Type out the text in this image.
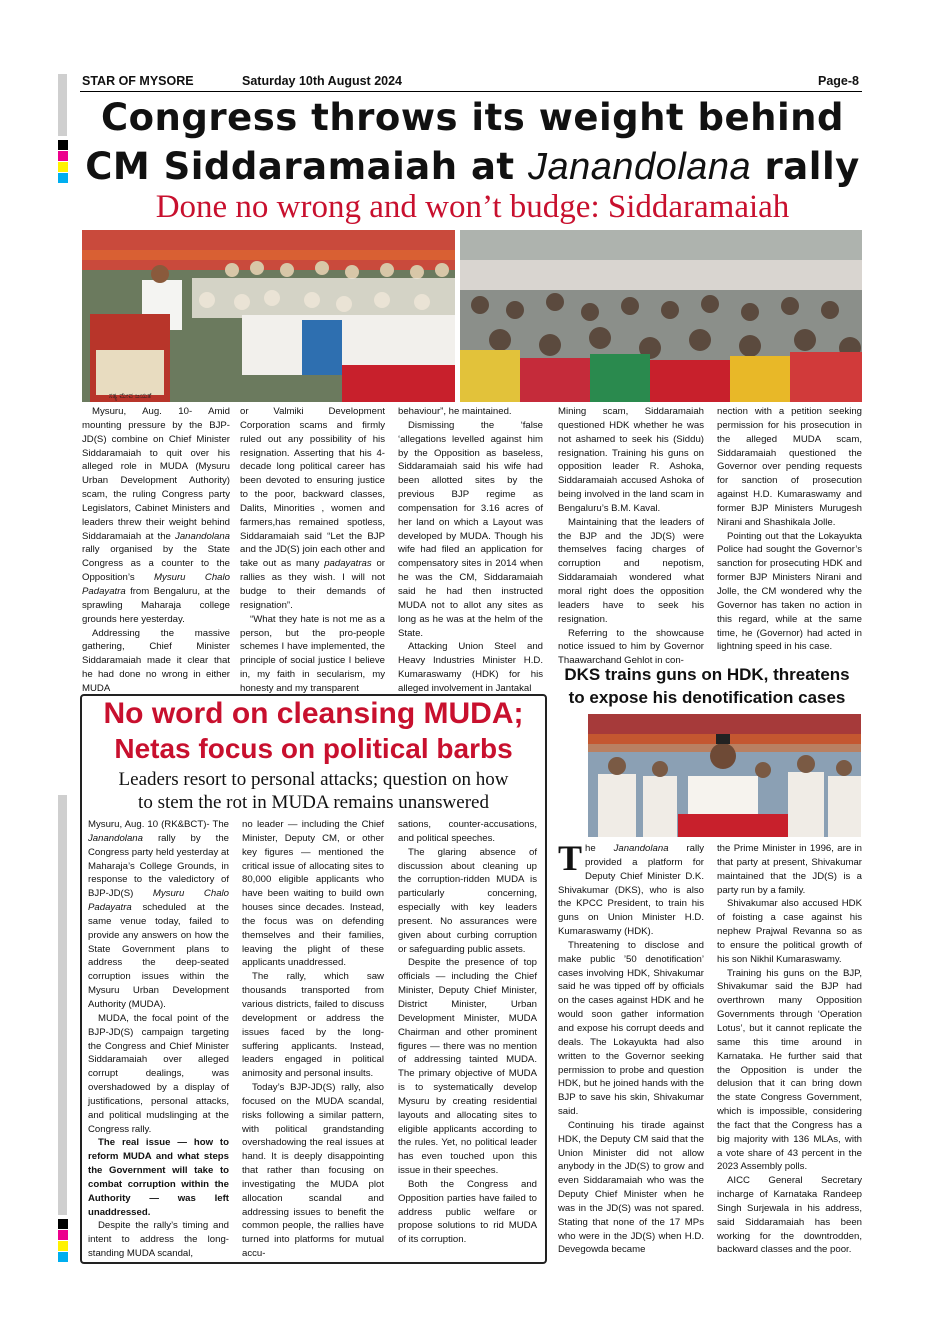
STAR OF MYSORE	Saturday 10th August 2024	Page-8
Congress throws its weight behind
CM Siddaramaiah at Janandolana rally
Done no wrong and won’t budge: Siddaramaiah
ಸತ್ಯ ಮೇವ ಜಯತೆ

Mysuru, Aug. 10- Amid mounting pressure by the BJP-JD(S) combine on Chief Minister Siddaramaiah to quit over his alleged role in MUDA (Mysuru Urban Development Authority) scam, the ruling Congress party Legislators, Cabinet Ministers and leaders threw their weight behind Siddaramaiah at the Janandolana rally organised by the State Congress as a counter to the Opposition’s Mysuru Chalo Padayatra from Bengaluru, at the sprawling Maharaja college grounds here yesterday.

Addressing the massive gathering, Chief Minister Siddaramaiah made it clear that he had done no wrong in either MUDA

or Valmiki Development Corporation scams and firmly ruled out any possibility of his resignation. Asserting that his 4-decade long political career has been devoted to ensuring justice to the poor, backward classes, Dalits, Minorities , women and farmers,has remained spotless, Siddaramaiah said “Let the BJP and the JD(S) join each other and take out as many padayatras or rallies as they wish. I will not budge to their demands of resignation”.

“What they hate is not me as a person, but the pro-people schemes I have implemented, the principle of social justice I believe in, my faith in secularism, my honesty and my transparent

behaviour”, he maintained.

Dismissing the ‘false ‘allegations levelled against him by the Opposition as baseless, Siddaramaiah said his wife had been allotted sites by the previous BJP regime as compensation for 3.16 acres of her land on which a Layout was developed by MUDA. Though his wife had filed an application for compensatory sites in 2014 when he was the CM, Siddaramaiah said he had then instructed MUDA not to allot any sites as long as he was at the helm of the State.

Attacking Union Steel and Heavy Industries Minister H.D. Kumaraswamy (HDK) for his alleged involvement in Jantakal

Mining scam, Siddaramaiah questioned HDK whether he was not ashamed to seek his (Siddu) resignation. Training his guns on opposition leader R. Ashoka, Siddaramaiah accused Ashoka of being involved in the land scam in Bengaluru’s B.M. Kaval.

Maintaining that the leaders of the BJP and the JD(S) were themselves facing charges of corruption and nepotism, Siddaramaiah wondered what moral right does the opposition leaders have to seek his resignation.

Referring to the showcause notice issued to him by Governor Thaawarchand Gehlot in con-

nection with a petition seeking permission for his prosecution in the alleged MUDA scam, Siddaramaiah questioned the Governor over pending requests for sanction of prosecution against H.D. Kumaraswamy and former BJP Ministers Murugesh Nirani and Shashikala Jolle.

Pointing out that the Lokayukta Police had sought the Governor’s sanction for prosecuting HDK and former BJP Ministers Nirani and Jolle, the CM wondered why the Governor has taken no action in this regard, while at the same time, he (Governor) had acted in lightning speed in his case.

No word on cleansing MUDA;
Netas focus on political barbs
Leaders resort to personal attacks; question on how
to stem the rot in MUDA remains unanswered

Mysuru, Aug. 10 (RK&BCT)- The Janandolana rally by the Congress party held yesterday at Maharaja’s College Grounds, in response to the valedictory of BJP-JD(S) Mysuru Chalo Padayatra scheduled at the same venue today, failed to provide any answers on how the State Government plans to address the deep-seated corruption issues within the Mysuru Urban Development Authority (MUDA).

MUDA, the focal point of the BJP-JD(S) campaign targeting the Congress and Chief Minister Siddaramaiah over alleged corrupt dealings, was overshadowed by a display of justifications, personal attacks, and political mudslinging at the Congress rally.

The real issue — how to reform MUDA and what steps the Government will take to combat corruption within the Authority — was left unaddressed.

Despite the rally’s timing and intent to address the long-standing MUDA scandal,

no leader — including the Chief Minister, Deputy CM, or other key figures — mentioned the critical issue of allocating sites to 80,000 eligible applicants who have been waiting to build own houses since decades. Instead, the focus was on defending themselves and their families, leaving the plight of these applicants unaddressed.

The rally, which saw thousands transported from various districts, failed to discuss development or address the issues faced by the long-suffering applicants. Instead, leaders engaged in political animosity and personal insults.

Today’s BJP-JD(S) rally, also focused on the MUDA scandal, risks following a similar pattern, with political grandstanding overshadowing the real issues at hand. It is deeply disappointing that rather than focusing on investigating the MUDA plot allocation scandal and addressing issues to benefit the common people, the rallies have turned into platforms for mutual accu-

sations, counter-accusations, and political speeches.

The glaring absence of discussion about cleaning up the corruption-ridden MUDA is particularly concerning, especially with key leaders present. No assurances were given about curbing corruption or safeguarding public assets.

Despite the presence of top officials — including the Chief Minister, Deputy Chief Minister, District Minister, Urban Development Minister, MUDA Chairman and other prominent figures — there was no mention of addressing tainted MUDA. The primary objective of MUDA is to systematically develop Mysuru by creating residential layouts and allocating sites to eligible applicants according to the rules. Yet, no political leader has even touched upon this issue in their speeches.

Both the Congress and Opposition parties have failed to address public welfare or propose solutions to rid MUDA of its corruption.

DKS trains guns on HDK, threatens
to expose his denotification cases

The Janandolana rally provided a platform for Deputy Chief Minister D.K. Shivakumar (DKS), who is also the KPCC President, to train his guns on Union Minister H.D. Kumaraswamy (HDK).

Threatening to disclose and make public ’50 denotification’ cases involving HDK, Shivakumar said he was tipped off by officials on the cases against HDK and he would soon gather information and expose his corrupt deeds and deals. The Lokayukta had also written to the Governor seeking permission to probe and question HDK, but he joined hands with the BJP to save his skin, Shivakumar said.

Continuing his tirade against HDK, the Deputy CM said that the Union Minister did not allow anybody in the JD(S) to grow and even Siddaramaiah who was the Deputy Chief Minister when he was in the JD(S) was not spared. Stating that none of the 17 MPs who were in the JD(S) when H.D. Devegowda became

the Prime Minister in 1996, are in that party at present, Shivakumar maintained that the JD(S) is a party run by a family.

Shivakumar also accused HDK of foisting a case against his nephew Prajwal Revanna so as to ensure the political growth of his son Nikhil Kumaraswamy.

Training his guns on the BJP, Shivakumar said the BJP had overthrown many Opposition Governments through ‘Operation Lotus’, but it cannot replicate the same this time around in Karnataka. He further said that the Opposition is under the delusion that it can bring down the state Congress Government, which is impossible, considering the fact that the Congress has a big majority with 136 MLAs, with a vote share of 43 percent in the 2023 Assembly polls.

AICC General Secretary incharge of Karnataka Randeep Singh Surjewala in his address, said Siddaramaiah has been working for the downtrodden, backward classes and the poor.
